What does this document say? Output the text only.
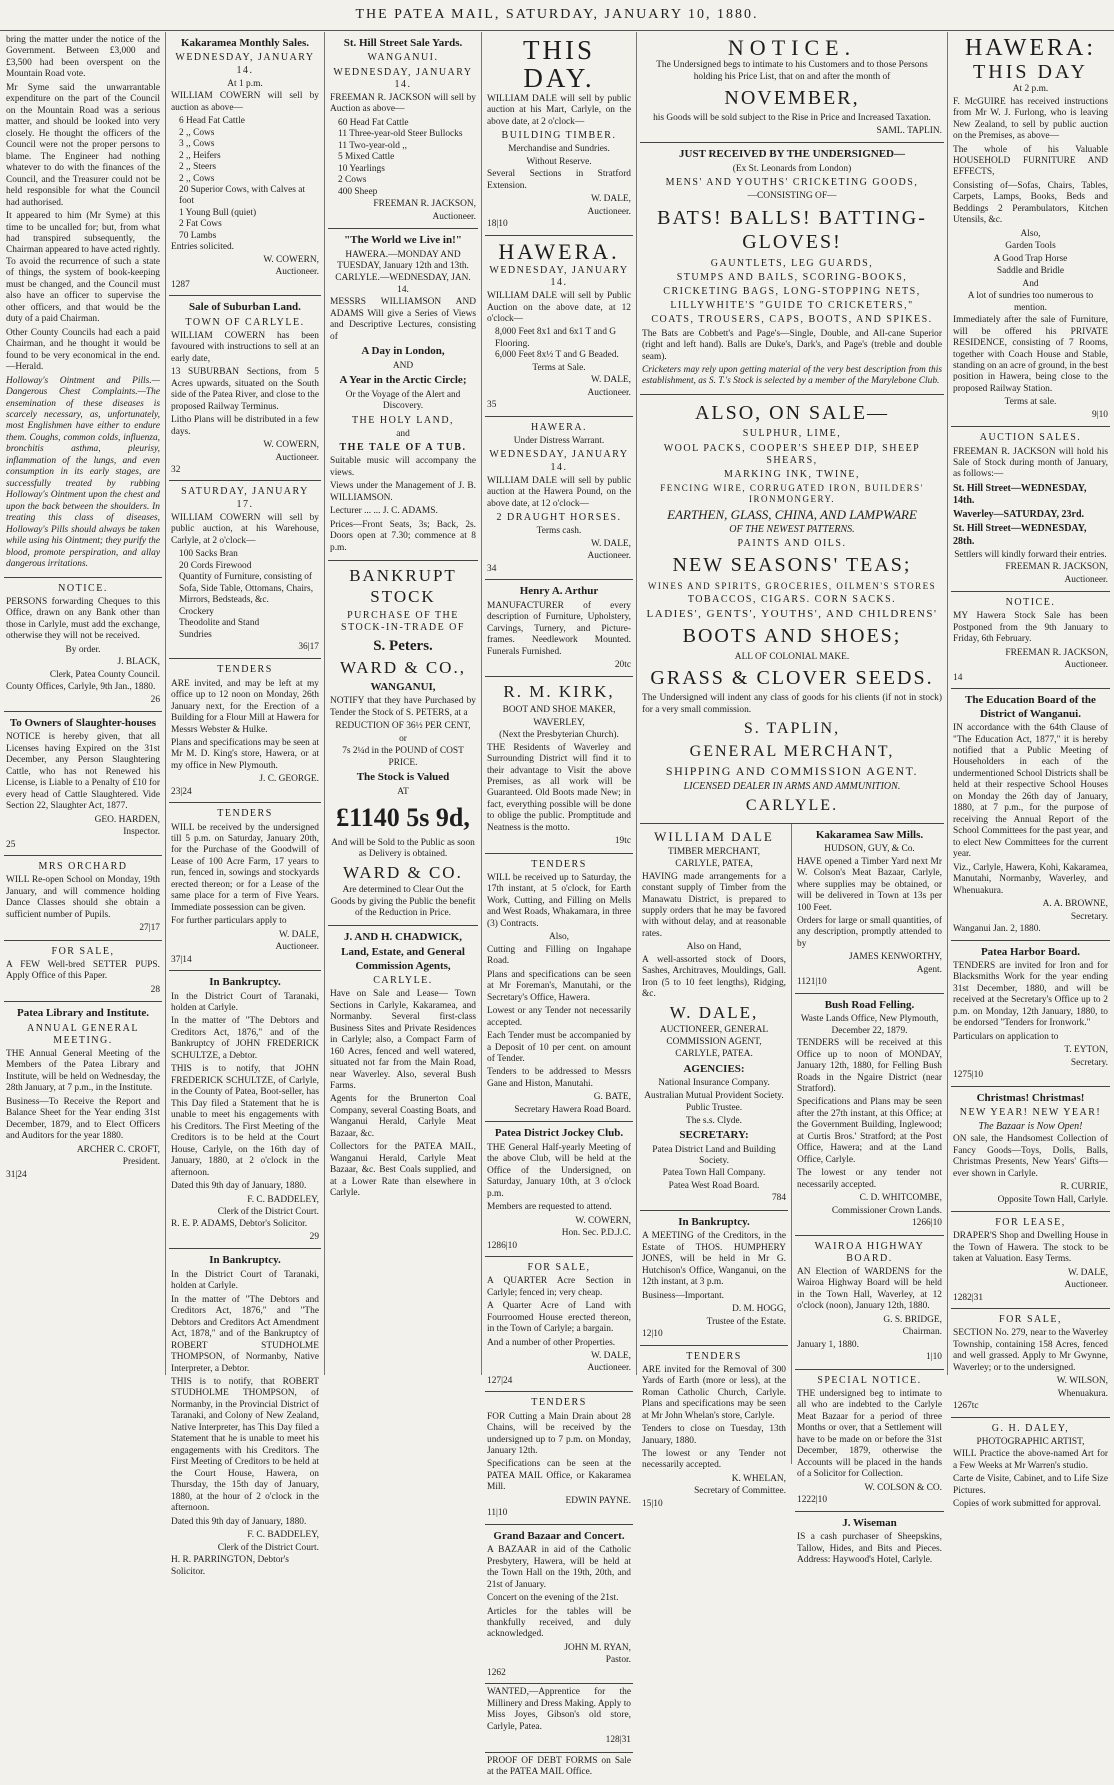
THE PATEA MAIL, SATURDAY, JANUARY 10, 1880.

bring the matter under the notice of the Government. Between £3,000 and £3,500 had been overspent on the Mountain Road vote.

Mr Syme said the unwarrantable expenditure on the part of the Council on the Mountain Road was a serious matter, and should be looked into very closely. He thought the officers of the Council were not the proper persons to blame. The Engineer had nothing whatever to do with the finances of the Council, and the Treasurer could not be held responsible for what the Council had authorised.

It appeared to him (Mr Syme) at this time to be uncalled for; but, from what had transpired subsequently, the Chairman appeared to have acted rightly. To avoid the recurrence of such a state of things, the system of book-keeping must be changed, and the Council must also have an officer to supervise the other officers, and that would be the duty of a paid Chairman.

Other County Councils had each a paid Chairman, and he thought it would be found to be very economical in the end.—Herald.

Holloway's Ointment and Pills.—Dangerous Chest Complaints.—The ensemination of these diseases is scarcely necessary, as, unfortunately, most Englishmen have either to endure them. Coughs, common colds, influenza, bronchitis asthma, pleurisy, inflammation of the lungs, and even consumption in its early stages, are successfully treated by rubbing Holloway's Ointment upon the chest and upon the back between the shoulders. In treating this class of diseases, Holloway's Pills should always be taken while using his Ointment; they purify the blood, promote perspiration, and allay dangerous irritations.

NOTICE.

PERSONS forwarding Cheques to this Office, drawn on any Bank other than those in Carlyle, must add the exchange, otherwise they will not be received.

By order.
J. BLACK,
Clerk, Patea County Council.
County Offices, Carlyle, 9th Jan., 1880.
26
To Owners of Slaughter-houses

NOTICE is hereby given, that all Licenses having Expired on the 31st December, any Person Slaughtering Cattle, who has not Renewed his License, is Liable to a Penalty of £10 for every head of Cattle Slaughtered. Vide Section 22, Slaughter Act, 1877.

GEO. HARDEN,
Inspector.
25
MRS ORCHARD

WILL Re-open School on Monday, 19th January, and will commence holding Dance Classes should she obtain a sufficient number of Pupils.

27|17
FOR SALE,

A FEW Well-bred SETTER PUPS. Apply Office of this Paper.

28
Patea Library and Institute.
ANNUAL GENERAL MEETING.

THE Annual General Meeting of the Members of the Patea Library and Institute, will be held on Wednesday, the 28th January, at 7 p.m., in the Institute.

Business—To Receive the Report and Balance Sheet for the Year ending 31st December, 1879, and to Elect Officers and Auditors for the year 1880.

ARCHER C. CROFT,
President.
31|24
Kakaramea Monthly Sales.
WEDNESDAY, JANUARY 14.
At 1 p.m.

WILLIAM COWERN will sell by auction as above—

6 Head Fat Cattle
2 ,, Cows
3 ,, Cows
2 ,, Heifers
2 ,, Steers
2 ,, Cows
20 Superior Cows, with Calves at foot
1 Young Bull (quiet)
2 Fat Cows
70 Lambs
Entries solicited.
W. COWERN,
Auctioneer.
1287
Sale of Suburban Land.
TOWN OF CARLYLE.

WILLIAM COWERN has been favoured with instructions to sell at an early date,

13 SUBURBAN Sections, from 5 Acres upwards, situated on the South side of the Patea River, and close to the proposed Railway Terminus.

Litho Plans will be distributed in a few days.

W. COWERN,
Auctioneer.
32
SATURDAY, JANUARY 17.

WILLIAM COWERN will sell by public auction, at his Warehouse, Carlyle, at 2 o'clock—

100 Sacks Bran
20 Cords Firewood
Quantity of Furniture, consisting of Sofa, Side Table, Ottomans, Chairs, Mirrors, Bedsteads, &c.
Crockery
Theodolite and Stand
Sundries
36|17
TENDERS

ARE invited, and may be left at my office up to 12 noon on Monday, 26th January next, for the Erection of a Building for a Flour Mill at Hawera for Messrs Webster & Hulke.

Plans and specifications may be seen at Mr M. D. King's store, Hawera, or at my office in New Plymouth.

J. C. GEORGE.
23|24
TENDERS

WILL be received by the undersigned till 5 p.m. on Saturday, January 20th, for the Purchase of the Goodwill of Lease of 100 Acre Farm, 17 years to run, fenced in, sowings and stockyards erected thereon; or for a Lease of the same place for a term of Five Years. Immediate possession can be given.

For further particulars apply to

W. DALE,
Auctioneer.
37|14
In Bankruptcy.

In the District Court of Taranaki, holden at Carlyle.

In the matter of "The Debtors and Creditors Act, 1876," and of the Bankruptcy of JOHN FREDERICK SCHULTZE, a Debtor.

THIS is to notify, that JOHN FREDERICK SCHULTZE, of Carlyle, in the County of Patea, Boot-seller, has This Day filed a Statement that he is unable to meet his engagements with his Creditors. The First Meeting of the Creditors is to be held at the Court House, Carlyle, on the 16th day of January, 1880, at 2 o'clock in the afternoon.

Dated this 9th day of January, 1880.

F. C. BADDELEY,
Clerk of the District Court.
R. E. P. ADAMS, Debtor's Solicitor.
29
In Bankruptcy.

In the District Court of Taranaki, holden at Carlyle.

In the matter of "The Debtors and Creditors Act, 1876," and "The Debtors and Creditors Act Amendment Act, 1878," and of the Bankruptcy of ROBERT STUDHOLME THOMPSON, of Normanby, Native Interpreter, a Debtor.

THIS is to notify, that ROBERT STUDHOLME THOMPSON, of Normanby, in the Provincial District of Taranaki, and Colony of New Zealand, Native Interpreter, has This Day filed a Statement that he is unable to meet his engagements with his Creditors. The First Meeting of Creditors to be held at the Court House, Hawera, on Thursday, the 15th day of January, 1880, at the hour of 2 o'clock in the afternoon.

Dated this 9th day of January, 1880.

F. C. BADDELEY,
Clerk of the District Court.
H. R. PARRINGTON, Debtor's Solicitor.
St. Hill Street Sale Yards.
WANGANUI.
WEDNESDAY, JANUARY 14.

FREEMAN R. JACKSON will sell by Auction as above—

60 Head Fat Cattle
11 Three-year-old Steer Bullocks
11 Two-year-old ,,
5 Mixed Cattle
10 Yearlings
2 Cows
400 Sheep
FREEMAN R. JACKSON,
Auctioneer.
"The World we Live in!"
HAWERA.—MONDAY AND TUESDAY, January 12th and 13th.
CARLYLE.—WEDNESDAY, JAN. 14.

MESSRS WILLIAMSON AND ADAMS Will give a Series of Views and Descriptive Lectures, consisting of

A Day in London,
AND
A Year in the Arctic Circle;
Or the Voyage of the Alert and Discovery.
THE HOLY LAND,
and
THE TALE OF A TUB.

Suitable music will accompany the views.

Views under the Management of J. B. WILLIAMSON.

Lecturer ... ... J. C. ADAMS.

Prices—Front Seats, 3s; Back, 2s. Doors open at 7.30; commence at 8 p.m.

BANKRUPT STOCK
PURCHASE OF THE STOCK-IN-TRADE OF
S. Peters.
WARD & CO.,
WANGANUI,

NOTIFY that they have Purchased by Tender the Stock of S. PETERS, at a

REDUCTION OF 36½ PER CENT,
or
7s 2¼d in the POUND of COST PRICE.
The Stock is Valued
AT
£1140 5s 9d,

And will be Sold to the Public as soon as Delivery is obtained.

WARD & CO.

Are determined to Clear Out the Goods by giving the Public the benefit of the Reduction in Price.

J. AND H. CHADWICK,
Land, Estate, and General Commission Agents,
CARLYLE.

Have on Sale and Lease— Town Sections in Carlyle, Kakaramea, and Normanby. Several first-class Business Sites and Private Residences in Carlyle; also, a Compact Farm of 160 Acres, fenced and well watered, situated not far from the Main Road, near Waverley. Also, several Bush Farms.

Agents for the Brunerton Coal Company, several Coasting Boats, and Wanganui Herald, Carlyle Meat Bazaar, &c.

Collectors for the PATEA MAIL, Wanganui Herald, Carlyle Meat Bazaar, &c. Best Coals supplied, and at a Lower Rate than elsewhere in Carlyle.

THIS DAY.

WILLIAM DALE will sell by public auction at his Mart, Carlyle, on the above date, at 2 o'clock—

BUILDING TIMBER.
Merchandise and Sundries.
Without Reserve.

Several Sections in Stratford Extension.

W. DALE,
Auctioneer.
18|10
HAWERA.
WEDNESDAY, JANUARY 14.

WILLIAM DALE will sell by Public Auction on the above date, at 12 o'clock—

8,000 Feet 8x1 and 6x1 T and G Flooring.
6,000 Feet 8x½ T and G Beaded.
Terms at Sale.
W. DALE,
Auctioneer.
35
HAWERA.
Under Distress Warrant.
WEDNESDAY, JANUARY 14.

WILLIAM DALE will sell by public auction at the Hawera Pound, on the above date, at 12 o'clock—

2 DRAUGHT HORSES.
Terms cash.
W. DALE,
Auctioneer.
34
Henry A. Arthur

MANUFACTURER of every description of Furniture, Upholstery, Carvings, Turnery, and Picture-frames. Needlework Mounted. Funerals Furnished.

20tc
R. M. KIRK,
BOOT AND SHOE MAKER,
WAVERLEY,
(Next the Presbyterian Church).

THE Residents of Waverley and Surrounding District will find it to their advantage to Visit the above Premises, as all work will be Guaranteed. Old Boots made New; in fact, everything possible will be done to oblige the public. Promptitude and Neatness is the motto.

19tc
TENDERS

WILL be received up to Saturday, the 17th instant, at 5 o'clock, for Earth Work, Cutting, and Filling on Mells and West Roads, Whakamara, in three (3) Contracts.

Also,

Cutting and Filling on Ingahape Road.

Plans and specifications can be seen at Mr Foreman's, Manutahi, or the Secretary's Office, Hawera.

Lowest or any Tender not necessarily accepted.

Each Tender must be accompanied by a Deposit of 10 per cent. on amount of Tender.

Tenders to be addressed to Messrs Gane and Histon, Manutahi.

G. BATE,
Secretary Hawera Road Board.
Patea District Jockey Club.

THE General Half-yearly Meeting of the above Club, will be held at the Office of the Undersigned, on Saturday, January 10th, at 3 o'clock p.m.

Members are requested to attend.

W. COWERN,
Hon. Sec. P.D.J.C.
1286|10
FOR SALE,

A QUARTER Acre Section in Carlyle; fenced in; very cheap.

A Quarter Acre of Land with Fourroomed House erected thereon, in the Town of Carlyle; a bargain.

And a number of other Properties.

W. DALE,
Auctioneer.
127|24
TENDERS

FOR Cutting a Main Drain about 28 Chains, will be received by the undersigned up to 7 p.m. on Monday, January 12th.

Specifications can be seen at the PATEA MAIL Office, or Kakaramea Mill.

EDWIN PAYNE.
11|10
Grand Bazaar and Concert.

A BAZAAR in aid of the Catholic Presbytery, Hawera, will be held at the Town Hall on the 19th, 20th, and 21st of January.

Concert on the evening of the 21st.

Articles for the tables will be thankfully received, and duly acknowledged.

JOHN M. RYAN,
Pastor.
1262

WANTED,—Apprentice for the Millinery and Dress Making. Apply to Miss Joyes, Gibson's old store, Carlyle, Patea.

128|31

PROOF OF DEBT FORMS on Sale at the PATEA MAIL Office.

NOTICE.

The Undersigned begs to intimate to his Customers and to those Persons holding his Price List, that on and after the month of

NOVEMBER,

his Goods will be sold subject to the Rise in Price and Increased Taxation.

SAML. TAPLIN.
JUST RECEIVED BY THE UNDERSIGNED—
(Ex St. Leonards from London)
MENS' AND YOUTHS' CRICKETING GOODS,
—CONSISTING OF—
BATS! BALLS! BATTING-GLOVES!
GAUNTLETS, LEG GUARDS,
STUMPS AND BAILS, SCORING-BOOKS,
CRICKETING BAGS, LONG-STOPPING NETS,
LILLYWHITE'S "GUIDE TO CRICKETERS,"
COATS, TROUSERS, CAPS, BOOTS, AND SPIKES.

The Bats are Cobbett's and Page's—Single, Double, and All-cane Superior (right and left hand). Balls are Duke's, Dark's, and Page's (treble and double seam).

Cricketers may rely upon getting material of the very best description from this establishment, as S. T.'s Stock is selected by a member of the Marylebone Club.

ALSO, ON SALE—
SULPHUR, LIME,
WOOL PACKS, COOPER'S SHEEP DIP, SHEEP SHEARS,
MARKING INK, TWINE,
FENCING WIRE, CORRUGATED IRON, BUILDERS' IRONMONGERY.
EARTHEN, GLASS, CHINA, AND LAMPWARE
OF THE NEWEST PATTERNS.
PAINTS AND OILS.
NEW SEASONS' TEAS;
WINES AND SPIRITS, GROCERIES, OILMEN'S STORES
TOBACCOS, CIGARS. CORN SACKS.
LADIES', GENTS', YOUTHS', AND CHILDRENS'
BOOTS AND SHOES;
ALL OF COLONIAL MAKE.
GRASS & CLOVER SEEDS.

The Undersigned will indent any class of goods for his clients (if not in stock) for a very small commission.

S. TAPLIN,
GENERAL MERCHANT,
SHIPPING AND COMMISSION AGENT.
LICENSED DEALER IN ARMS AND AMMUNITION.
CARLYLE.
WILLIAM DALE
TIMBER MERCHANT,
CARLYLE, PATEA,

HAVING made arrangements for a constant supply of Timber from the Manawatu District, is prepared to supply orders that he may be favored with without delay, and at reasonable rates.

Also on Hand,

A well-assorted stock of Doors, Sashes, Architraves, Mouldings, Gall. Iron (5 to 10 feet lengths), Ridging, &c.

W. DALE,
AUCTIONEER, GENERAL COMMISSION AGENT,
CARLYLE, PATEA.
AGENCIES:
National Insurance Company.
Australian Mutual Provident Society.
Public Trustee.
The s.s. Clyde.
SECRETARY:
Patea District Land and Building Society.
Patea Town Hall Company.
Patea West Road Board.
784
In Bankruptcy.

A MEETING of the Creditors, in the Estate of THOS. HUMPHERY JONES, will be held in Mr G. Hutchison's Office, Wanganui, on the 12th instant, at 3 p.m.

Business—Important.

D. M. HOGG,
Trustee of the Estate.
12|10
TENDERS

ARE invited for the Removal of 300 Yards of Earth (more or less), at the Roman Catholic Church, Carlyle. Plans and specifications may be seen at Mr John Whelan's store, Carlyle.

Tenders to close on Tuesday, 13th January, 1880.

The lowest or any Tender not necessarily accepted.

K. WHELAN,
Secretary of Committee.
15|10
Kakaramea Saw Mills.
HUDSON, GUY, & Co.

HAVE opened a Timber Yard next Mr W. Colson's Meat Bazaar, Carlyle, where supplies may be obtained, or will be delivered in Town at 13s per 100 Feet.

Orders for large or small quantities, of any description, promptly attended to by

JAMES KENWORTHY,
Agent.
1121|10
Bush Road Felling.
Waste Lands Office, New Plymouth, December 22, 1879.

TENDERS will be received at this Office up to noon of MONDAY, January 12th, 1880, for Felling Bush Roads in the Ngaire District (near Stratford).

Specifications and Plans may be seen after the 27th instant, at this Office; at the Government Building, Inglewood; at Curtis Bros.' Stratford; at the Post Office, Hawera; and at the Land Office, Carlyle.

The lowest or any tender not necessarily accepted.

C. D. WHITCOMBE,
Commissioner Crown Lands.
1266|10
WAIROA HIGHWAY BOARD.

AN Election of WARDENS for the Wairoa Highway Board will be held in the Town Hall, Waverley, at 12 o'clock (noon), January 12th, 1880.

G. S. BRIDGE,
Chairman.
January 1, 1880.
1|10
SPECIAL NOTICE.

THE undersigned beg to intimate to all who are indebted to the Carlyle Meat Bazaar for a period of three Months or over, that a Settlement will have to be made on or before the 31st December, 1879, otherwise the Accounts will be placed in the hands of a Solicitor for Collection.

W. COLSON & CO.
1222|10
J. Wiseman

IS a cash purchaser of Sheepskins, Tallow, Hides, and Bits and Pieces. Address: Haywood's Hotel, Carlyle.

HAWERA:
THIS DAY
At 2 p.m.

F. McGUIRE has received instructions from Mr W. J. Furlong, who is leaving New Zealand, to sell by public auction on the Premises, as above—

The whole of his Valuable HOUSEHOLD FURNITURE AND EFFECTS,

Consisting of—Sofas, Chairs, Tables, Carpets, Lamps, Books, Beds and Beddings 2 Perambulators, Kitchen Utensils, &c.

Also,
Garden Tools
A Good Trap Horse
Saddle and Bridle
And
A lot of sundries too numerous to mention.

Immediately after the sale of Furniture, will be offered his PRIVATE RESIDENCE, consisting of 7 Rooms, together with Coach House and Stable, standing on an acre of ground, in the best position in Hawera, being close to the proposed Railway Station.

Terms at sale.
9|10
AUCTION SALES.

FREEMAN R. JACKSON will hold his Sale of Stock during month of January, as follows:—

St. Hill Street—WEDNESDAY, 14th.
Waverley—SATURDAY, 23rd.
St. Hill Street—WEDNESDAY, 28th.

Settlers will kindly forward their entries.

FREEMAN R. JACKSON,
Auctioneer.
NOTICE.

MY Hawera Stock Sale has been Postponed from the 9th January to Friday, 6th February.

FREEMAN R. JACKSON,
Auctioneer.
14
The Education Board of the District of Wanganui.

IN accordance with the 64th Clause of "The Education Act, 1877," it is hereby notified that a Public Meeting of Householders in each of the undermentioned School Districts shall be held at their respective School Houses on Monday the 26th day of January, 1880, at 7 p.m., for the purpose of receiving the Annual Report of the School Committees for the past year, and to elect New Committees for the current year.

Viz., Carlyle, Hawera, Kohi, Kakaramea, Manutahi, Normanby, Waverley, and Whenuakura.

A. A. BROWNE,
Secretary.
Wanganui Jan. 2, 1880.
Patea Harbor Board.

TENDERS are invited for Iron and for Blacksmiths Work for the year ending 31st December, 1880, and will be received at the Secretary's Office up to 2 p.m. on Monday, 12th January, 1880, to be endorsed "Tenders for Ironwork."

Particulars on application to

T. EYTON,
Secretary.
1275|10
Christmas! Christmas!
NEW YEAR! NEW YEAR!
The Bazaar is Now Open!

ON sale, the Handsomest Collection of Fancy Goods—Toys, Dolls, Balls, Christmas Presents, New Years' Gifts—ever shown in Carlyle.

R. CURRIE,
Opposite Town Hall, Carlyle.
FOR LEASE,

DRAPER'S Shop and Dwelling House in the Town of Hawera. The stock to be taken at Valuation. Easy Terms.

W. DALE,
Auctioneer.
1282|31
FOR SALE,

SECTION No. 279, near to the Waverley Township, containing 158 Acres, fenced and well grassed. Apply to Mr Gwynne, Waverley; or to the undersigned.

W. WILSON,
Whenuakura.
1267tc
G. H. DALEY,
PHOTOGRAPHIC ARTIST,

WILL Practice the above-named Art for a Few Weeks at Mr Warren's studio.

Carte de Visite, Cabinet, and to Life Size Pictures.

Copies of work submitted for approval.
